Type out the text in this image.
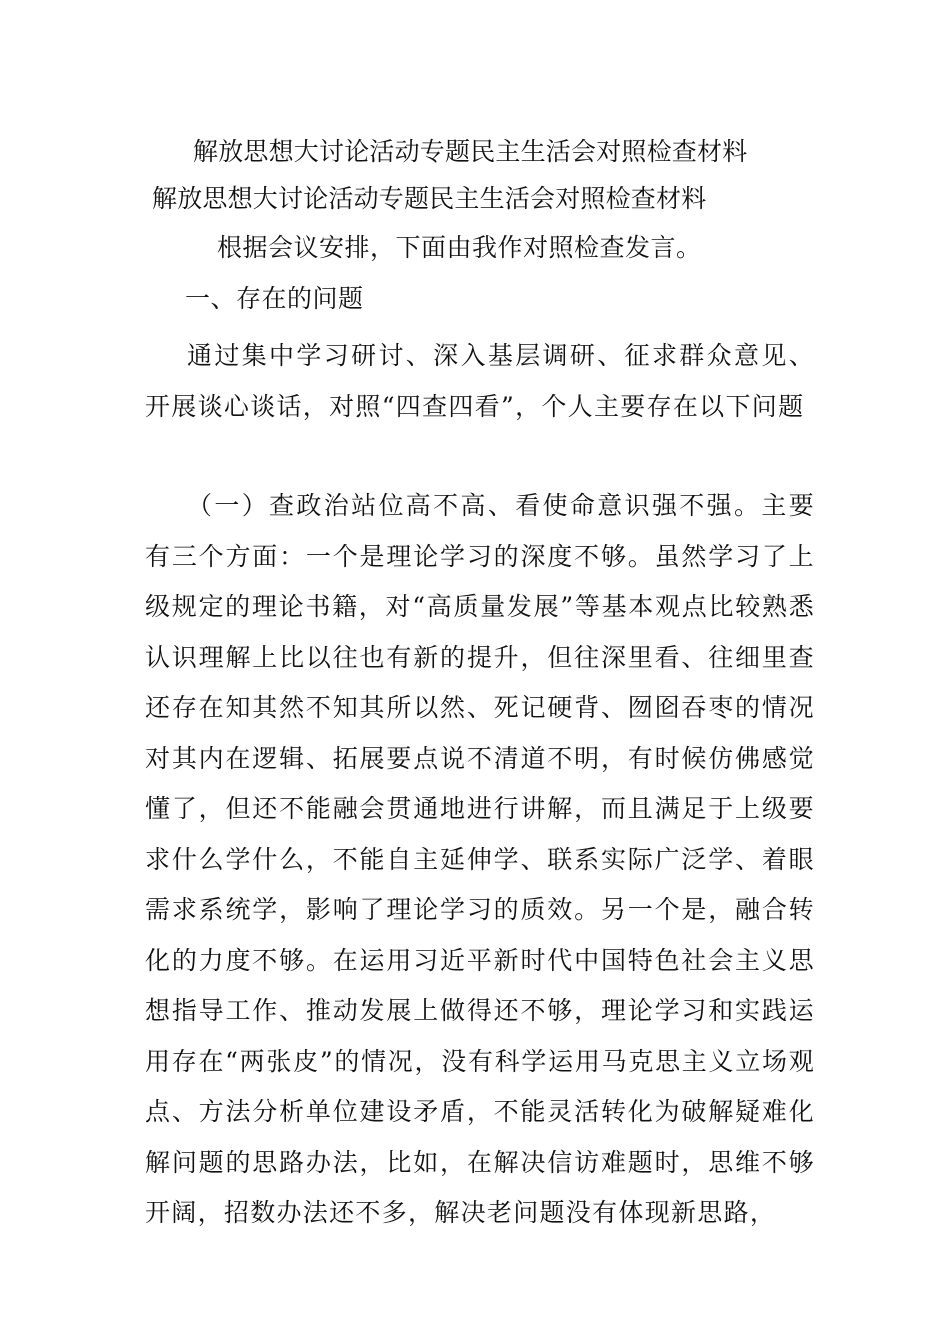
解放思想大讨论活动专题民主生活会对照检查材料
解放思想大讨论活动专题民主生活会对照检查材料
根据会议安排，下面由我作对照检查发言。
一、存在的问题

通过集中学习研讨、深入基层调研、征求群众意见、开展谈心谈话，对照“四查四看”，个人主要存在以下问题

（一）查政治站位高不高、看使命意识强不强。主要有三个方面：一个是理论学习的深度不够。虽然学习了上级规定的理论书籍，对“高质量发展”等基本观点比较熟悉认识理解上比以往也有新的提升，但往深里看、往细里查还存在知其然不知其所以然、死记硬背、囫囵吞枣的情况对其内在逻辑、拓展要点说不清道不明，有时候仿佛感觉懂了，但还不能融会贯通地进行讲解，而且满足于上级要求什么学什么，不能自主延伸学、联系实际广泛学、着眼需求系统学，影响了理论学习的质效。另一个是，融合转化的力度不够。在运用习近平新时代中国特色社会主义思想指导工作、推动发展上做得还不够，理论学习和实践运用存在“两张皮”的情况，没有科学运用马克思主义立场观点、方法分析单位建设矛盾，不能灵活转化为破解疑难化解问题的思路办法，比如，在解决信访难题时，思维不够开阔，招数办法还不多，解决老问题没有体现新思路，
